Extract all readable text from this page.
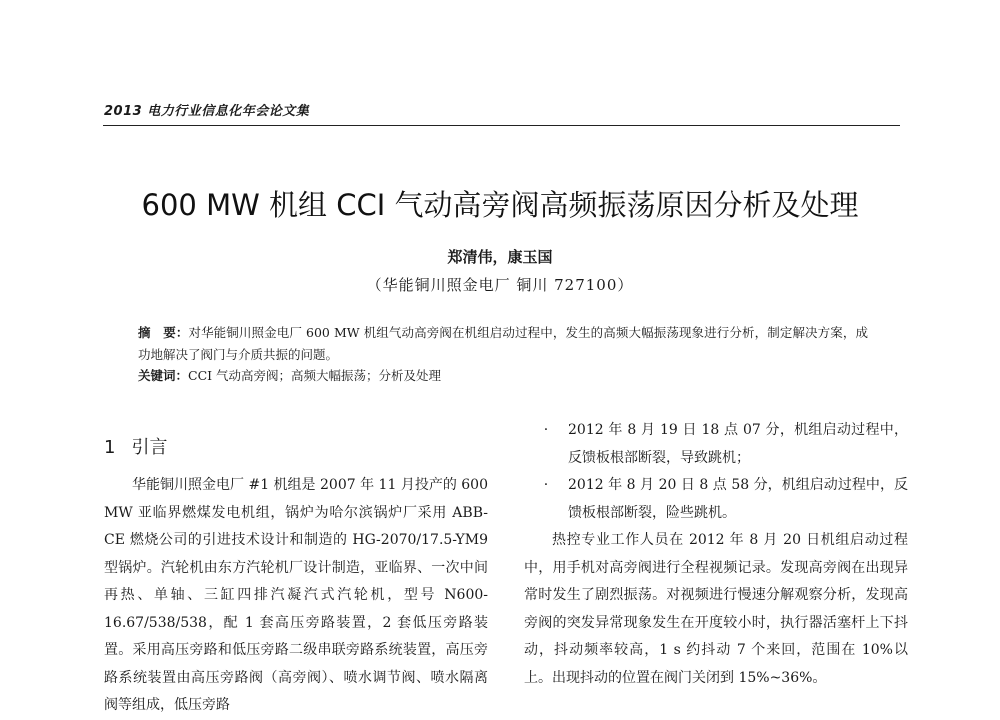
2013 电力行业信息化年会论文集
600 MW 机组 CCI 气动高旁阀高频振荡原因分析及处理
郑清伟，康玉国
（华能铜川照金电厂 铜川 727100）

摘　要：对华能铜川照金电厂 600 MW 机组气动高旁阀在机组启动过程中，发生的高频大幅振荡现象进行分析，制定解决方案，成功地解决了阀门与介质共振的问题。

关键词：CCI 气动高旁阀；高频大幅振荡；分析及处理
1 引言

华能铜川照金电厂 #1 机组是 2007 年 11 月投产的 600 MW 亚临界燃煤发电机组，锅炉为哈尔滨锅炉厂采用 ABB-CE 燃烧公司的引进技术设计和制造的 HG-2070/17.5-YM9 型锅炉。汽轮机由东方汽轮机厂设计制造，亚临界、一次中间再热、单轴、三缸四排汽凝汽式汽轮机，型号 N600-16.67/538/538，配 1 套高压旁路装置，2 套低压旁路装置。采用高压旁路和低压旁路二级串联旁路系统装置，高压旁路系统装置由高压旁路阀（高旁阀）、喷水调节阀、喷水隔离阀等组成，低压旁路

·	2012 年 8 月 19 日 18 点 07 分，机组启动过程中，反馈板根部断裂，导致跳机；
·	2012 年 8 月 20 日 8 点 58 分，机组启动过程中，反馈板根部断裂，险些跳机。

热控专业工作人员在 2012 年 8 月 20 日机组启动过程中，用手机对高旁阀进行全程视频记录。发现高旁阀在出现异常时发生了剧烈振荡。对视频进行慢速分解观察分析，发现高旁阀的突发异常现象发生在开度较小时，执行器活塞杆上下抖动，抖动频率较高，1 s 约抖动 7 个来回，范围在 10%以上。出现抖动的位置在阀门关闭到 15%~36%。
